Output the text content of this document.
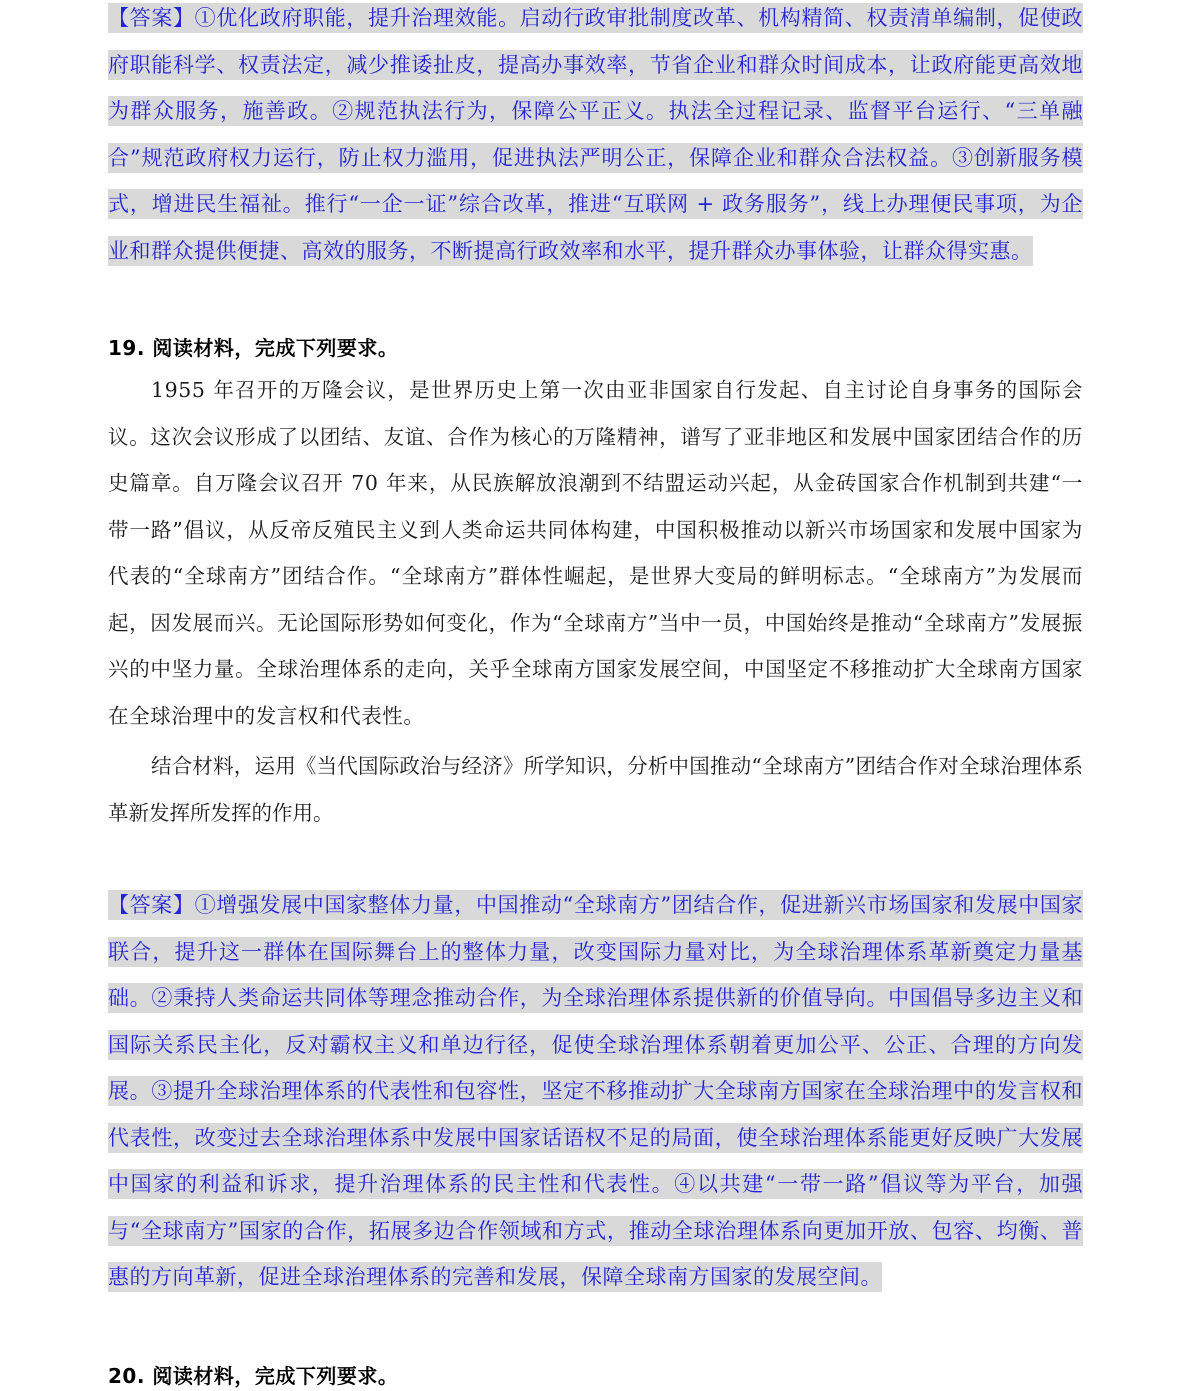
【答案】①优化政府职能，提升治理效能。启动行政审批制度改革、机构精简、权责清单编制，促使政府职能科学、权责法定，减少推诿扯皮，提高办事效率，节省企业和群众时间成本，让政府能更高效地为群众服务，施善政。②规范执法行为，保障公平正义。执法全过程记录、监督平台运行、“三单融合”规范政府权力运行，防止权力滥用，促进执法严明公正，保障企业和群众合法权益。③创新服务模式，增进民生福祉。推行“一企一证”综合改革，推进“互联网 + 政务服务”，线上办理便民事项，为企业和群众提供便捷、高效的服务，不断提高行政效率和水平，提升群众办事体验，让群众得实惠。
19. 阅读材料，完成下列要求。

1955 年召开的万隆会议，是世界历史上第一次由亚非国家自行发起、自主讨论自身事务的国际会议。这次会议形成了以团结、友谊、合作为核心的万隆精神，谱写了亚非地区和发展中国家团结合作的历史篇章。自万隆会议召开 70 年来，从民族解放浪潮到不结盟运动兴起，从金砖国家合作机制到共建“一带一路”倡议，从反帝反殖民主义到人类命运共同体构建，中国积极推动以新兴市场国家和发展中国家为代表的“全球南方”团结合作。“全球南方”群体性崛起，是世界大变局的鲜明标志。“全球南方”为发展而起，因发展而兴。无论国际形势如何变化，作为“全球南方”当中一员，中国始终是推动“全球南方”发展振兴的中坚力量。全球治理体系的走向，关乎全球南方国家发展空间，中国坚定不移推动扩大全球南方国家在全球治理中的发言权和代表性。

结合材料，运用《当代国际政治与经济》所学知识，分析中国推动“全球南方”团结合作对全球治理体系革新发挥所发挥的作用。

【答案】①增强发展中国家整体力量，中国推动“全球南方”团结合作，促进新兴市场国家和发展中国家联合，提升这一群体在国际舞台上的整体力量，改变国际力量对比，为全球治理体系革新奠定力量基础。②秉持人类命运共同体等理念推动合作，为全球治理体系提供新的价值导向。中国倡导多边主义和国际关系民主化，反对霸权主义和单边行径，促使全球治理体系朝着更加公平、公正、合理的方向发展。③提升全球治理体系的代表性和包容性，坚定不移推动扩大全球南方国家在全球治理中的发言权和代表性，改变过去全球治理体系中发展中国家话语权不足的局面，使全球治理体系能更好反映广大发展中国家的利益和诉求，提升治理体系的民主性和代表性。④以共建“一带一路”倡议等为平台，加强与“全球南方”国家的合作，拓展多边合作领域和方式，推动全球治理体系向更加开放、包容、均衡、普惠的方向革新，促进全球治理体系的完善和发展，保障全球南方国家的发展空间。
20. 阅读材料，完成下列要求。
